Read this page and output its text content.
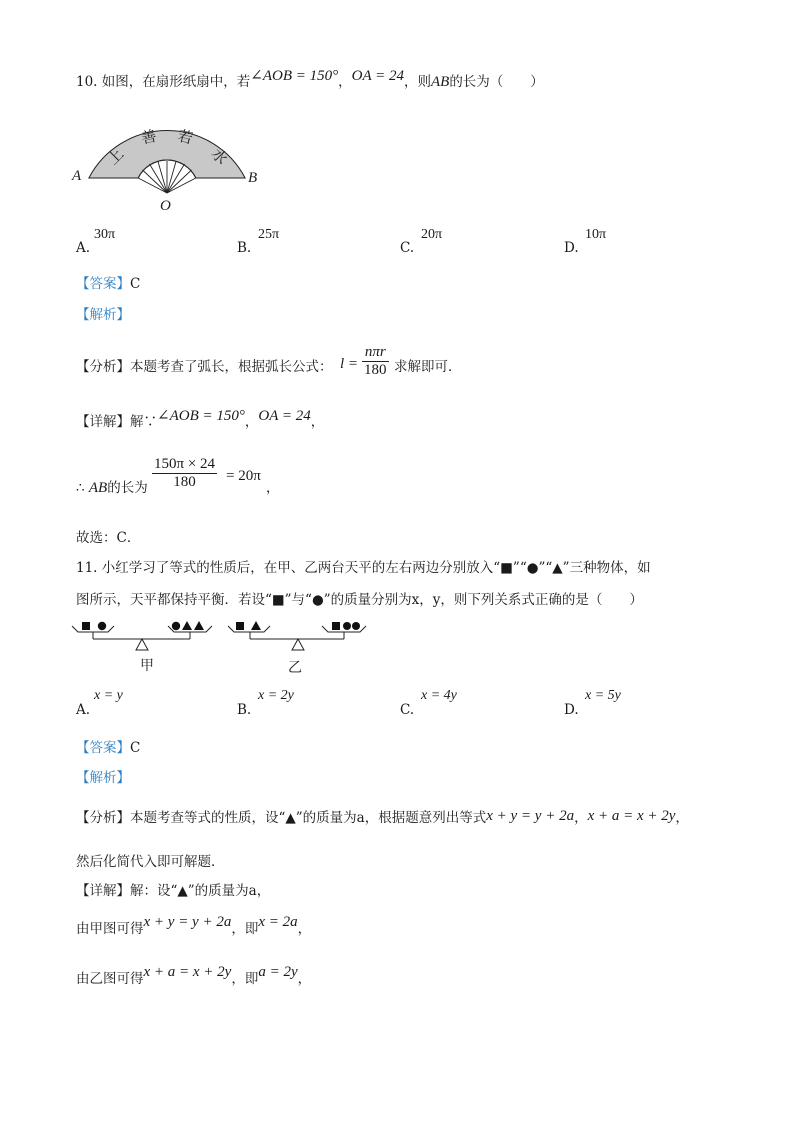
10. 如图，在扇形纸扇中，若∠AOB = 150°，OA = 24，则AB的长为（　　）
上
善 若
水
A	B
O
A.
30π
B.
25π
C.
20π
D.
10π
【答案】C
【解析】
【分析】本题考查了弧长，根据弧长公式： l =
nπr
180 求解即可．
【详解】解∵∠AOB = 150°，OA = 24，
∴ AB的长为 $\frac{150\pi \times 24}{180} = 20\pi$
，
故选：C．
11. 小红学习了等式的性质后，在甲、乙两台天平的左右两边分别放入“■”“●”“▲”三种物体，如
图所示，天平都保持平衡．若设“■”与“●”的质量分别为x，y，则下列关系式正确的是（　　）
甲	乙
A.
x = y
B.
x = 2y
C.
x = 4y
D.
x = 5y
【答案】C
【解析】
【分析】本题考查等式的性质，设“▲”的质量为a，根据题意列出等式x + y = y + 2a，x + a = x + 2y，
然后化简代入即可解题．
【详解】解：设“▲”的质量为a，
由甲图可得x + y = y + 2a，即x = 2a，
由乙图可得x + a = x + 2y，即a = 2y，
